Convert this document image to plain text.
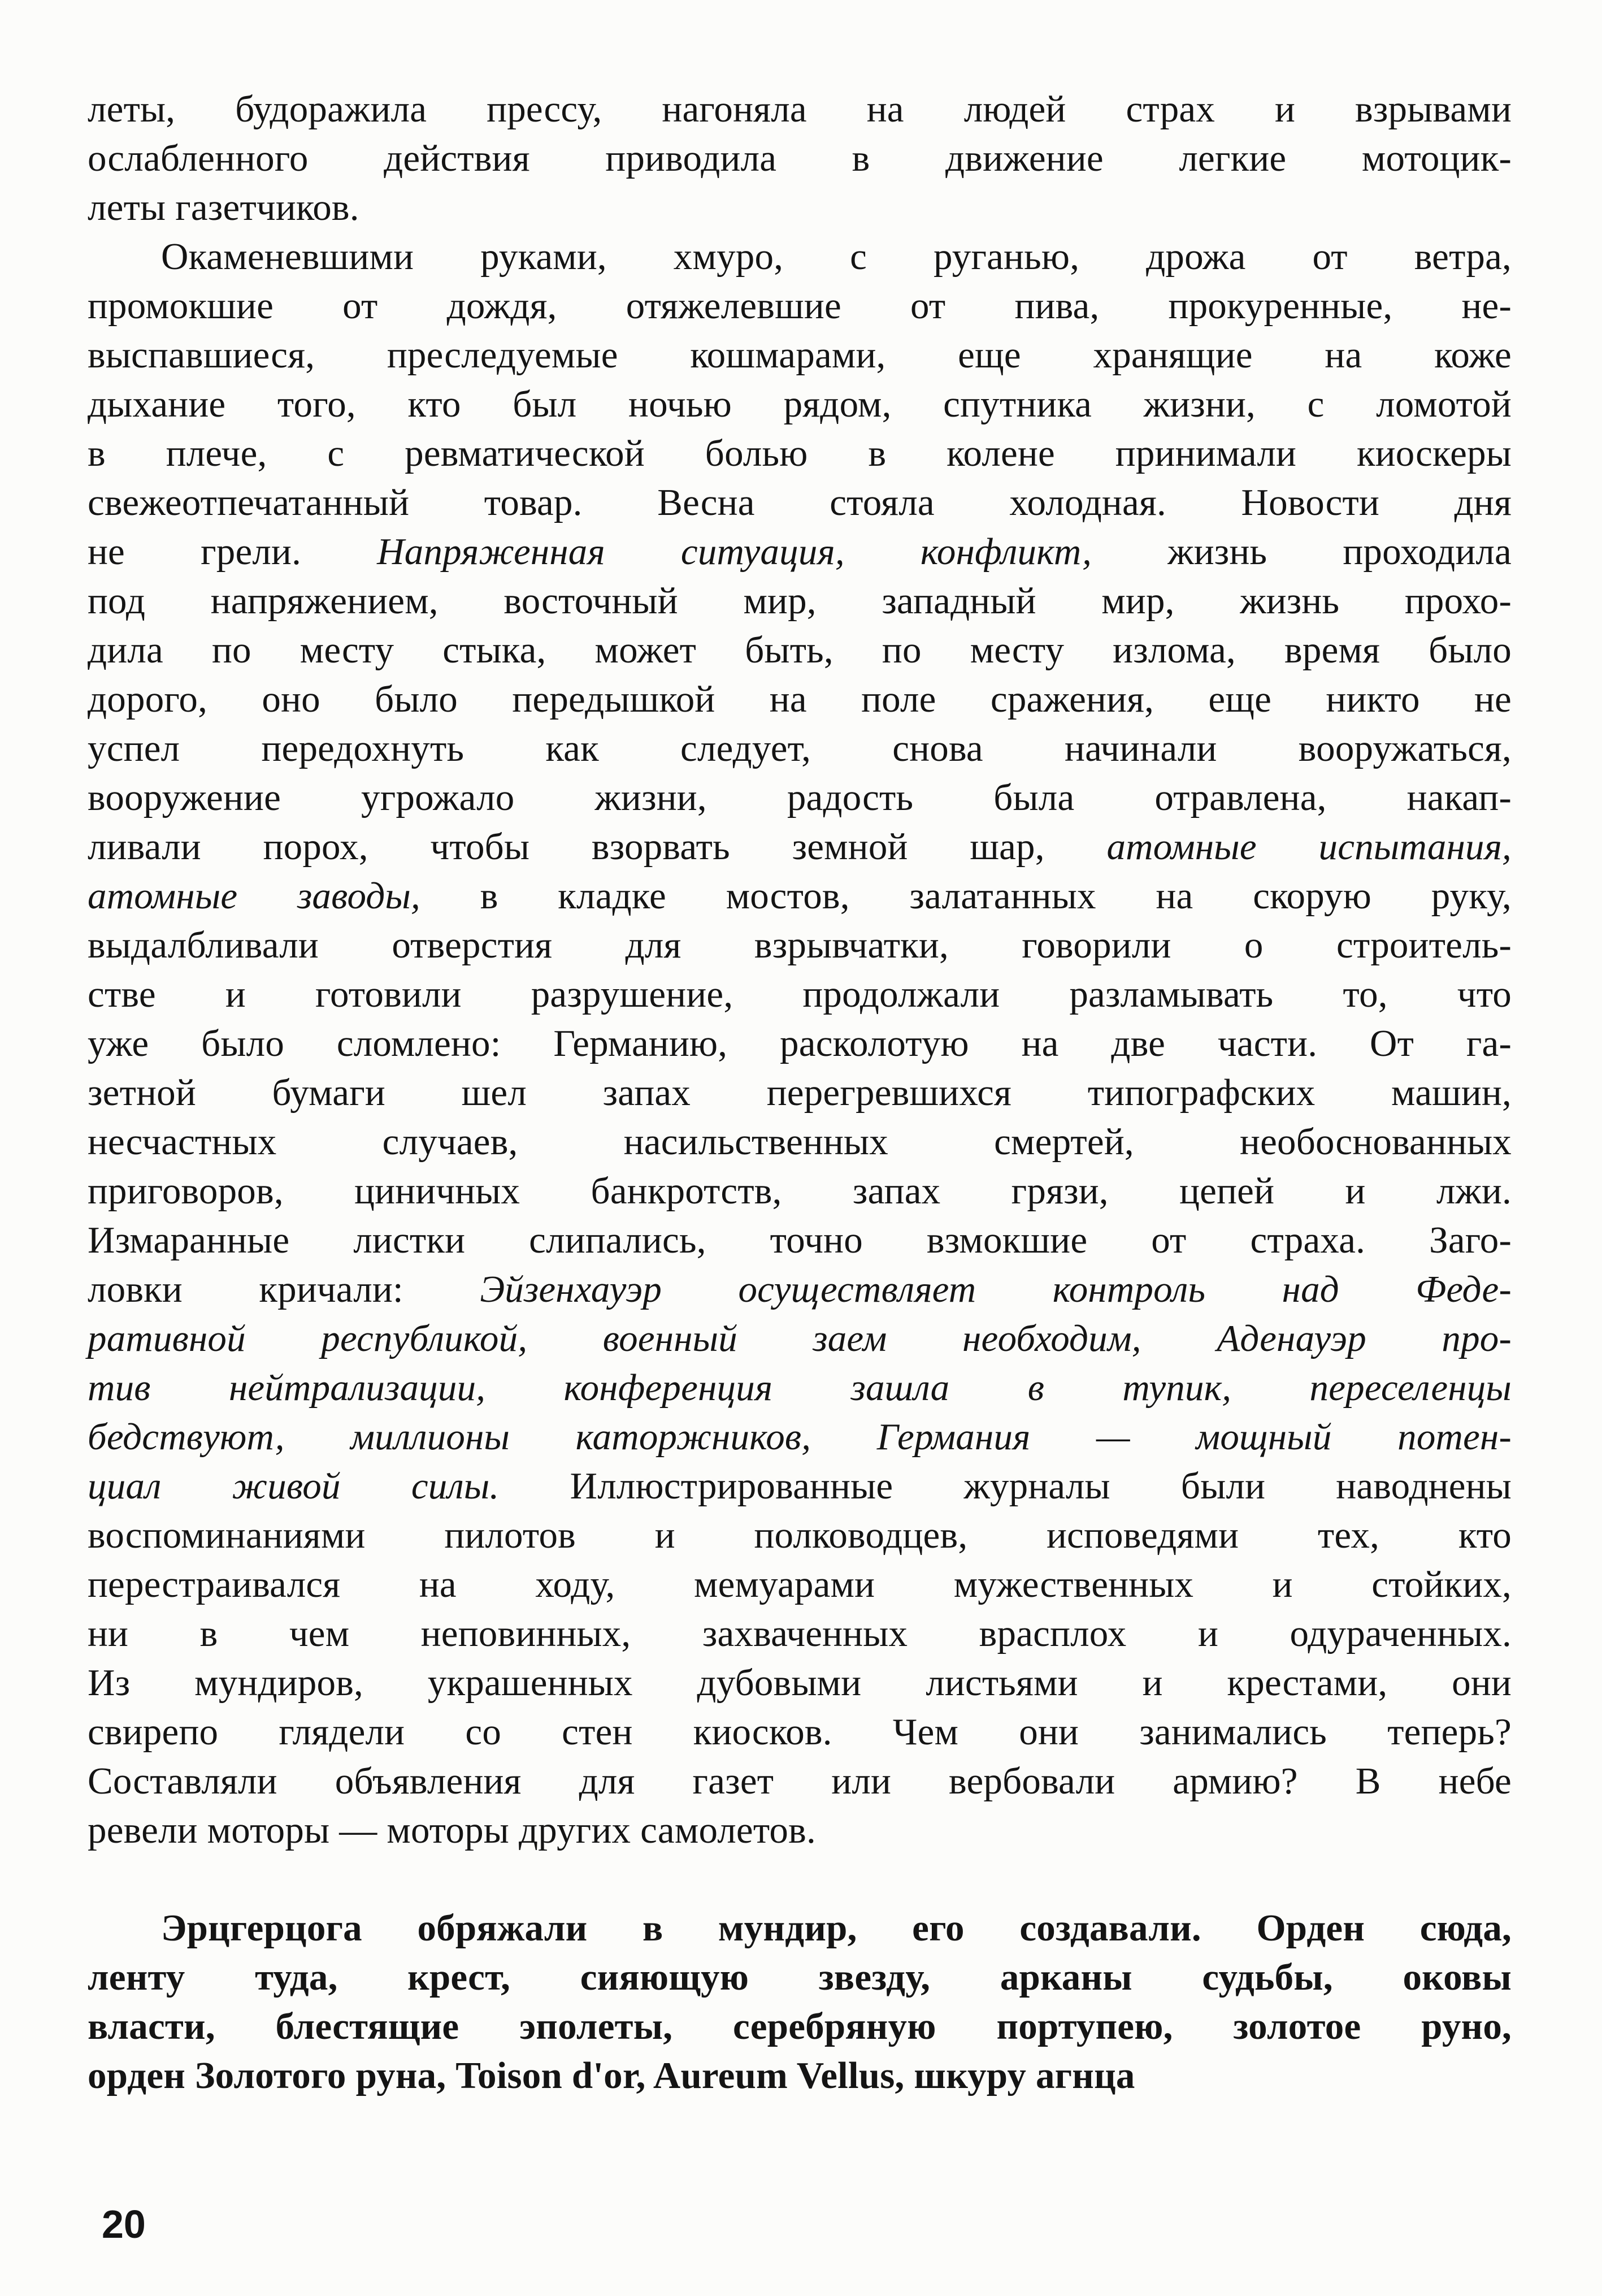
леты, будоражила прессу, нагоняла на людей страх и взрывами
ослабленного действия приводила в движение легкие мотоцик-
леты газетчиков.
Окаменевшими руками, хмуро, с руганью, дрожа от ветра,
промокшие от дождя, отяжелевшие от пива, прокуренные, не-
выспавшиеся, преследуемые кошмарами, еще хранящие на коже
дыхание того, кто был ночью рядом, спутника жизни, с ломотой
в плече, с ревматической болью в колене принимали киоскеры
свежеотпечатанный товар. Весна стояла холодная. Новости дня
не грели. Напряженная ситуация, конфликт, жизнь проходила
под напряжением, восточный мир, западный мир, жизнь прохо-
дила по месту стыка, может быть, по месту излома, время было
дорого, оно было передышкой на поле сражения, еще никто не
успел передохнуть как следует, снова начинали вооружаться,
вооружение угрожало жизни, радость была отравлена, накап-
ливали порох, чтобы взорвать земной шар, атомные испытания,
атомные заводы, в кладке мостов, залатанных на скорую руку,
выдалбливали отверстия для взрывчатки, говорили о строитель-
стве и готовили разрушение, продолжали разламывать то, что
уже было сломлено: Германию, расколотую на две части. От га-
зетной бумаги шел запах перегревшихся типографских машин,
несчастных случаев, насильственных смертей, необоснованных
приговоров, циничных банкротств, запах грязи, цепей и лжи.
Измаранные листки слипались, точно взмокшие от страха. Заго-
ловки кричали: Эйзенхауэр осуществляет контроль над Феде-
ративной республикой, военный заем необходим, Аденауэр про-
тив нейтрализации, конференция зашла в тупик, переселенцы
бедствуют, миллионы каторжников, Германия — мощный потен-
циал живой силы. Иллюстрированные журналы были наводнены
воспоминаниями пилотов и полководцев, исповедями тех, кто
перестраивался на ходу, мемуарами мужественных и стойких,
ни в чем неповинных, захваченных врасплох и одураченных.
Из мундиров, украшенных дубовыми листьями и крестами, они
свирепо глядели со стен киосков. Чем они занимались теперь?
Составляли объявления для газет или вербовали армию? В небе
ревели моторы — моторы других самолетов.
Эрцгерцога обряжали в мундир, его создавали. Орден сюда,
ленту туда, крест, сияющую звезду, арканы судьбы, оковы
власти, блестящие эполеты, серебряную портупею, золотое руно,
орден Золотого руна, Toison d'or, Aureum Vellus, шкуру агнца
20
